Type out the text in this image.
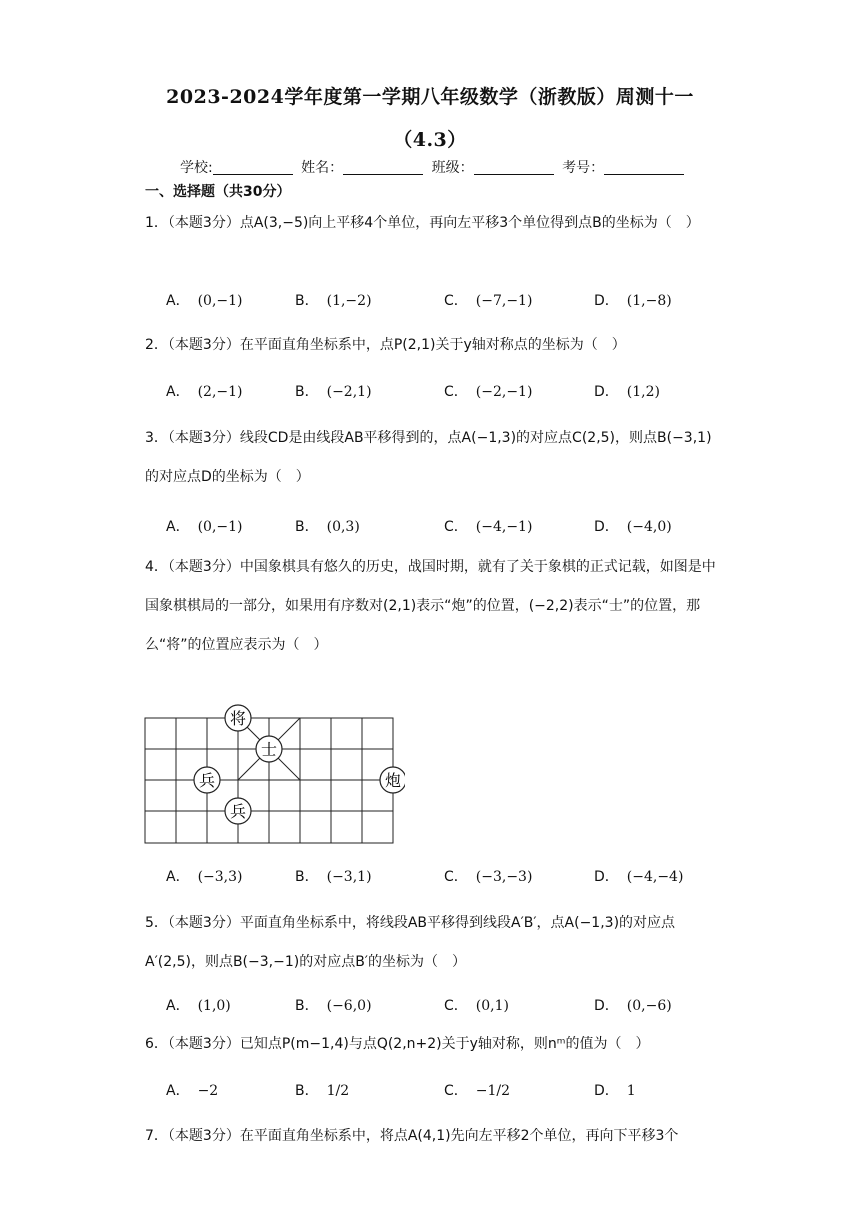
2023-2024学年度第一学期八年级数学（浙教版）周测十一
（4.3）
学校:	姓名：	班级：	考号：
一、选择题（共30分）
1．（本题3分）点A(3,−5)向上平移4个单位，再向左平移3个单位得到点B的坐标为（　）
A． (0,−1)	B． (1,−2)	C． (−7,−1)	D． (1,−8)
2．（本题3分）在平面直角坐标系中，点P(2,1)关于y轴对称点的坐标为（　）
A． (2,−1)	B． (−2,1)	C． (−2,−1)	D． (1,2)
3．（本题3分）线段CD是由线段AB平移得到的，点A(−1,3)的对应点C(2,5)，则点B(−3,1)的对应点D的坐标为（　）
A． (0,−1)	B． (0,3)	C． (−4,−1)	D． (−4,0)
4．（本题3分）中国象棋具有悠久的历史，战国时期，就有了关于象棋的正式记载，如图是中国象棋棋局的一部分，如果用有序数对(2,1)表示“炮”的位置，(−2,2)表示“士”的位置，那么“将”的位置应表示为（　）
将
士
兵
兵
炮
A． (−3,3)	B． (−3,1)	C． (−3,−3)	D． (−4,−4)
5．（本题3分）平面直角坐标系中，将线段AB平移得到线段A′B′，点A(−1,3)的对应点A′(2,5)，则点B(−3,−1)的对应点B′的坐标为（　）
A． (1,0)	B． (−6,0)	C． (0,1)	D． (0,−6)
6．（本题3分）已知点P(m−1,4)与点Q(2,n+2)关于y轴对称，则nᵐ的值为（　）
A． −2	B． 1/2	C． −1/2	D． 1
7．（本题3分）在平面直角坐标系中，将点A(4,1)先向左平移2个单位，再向下平移3个
